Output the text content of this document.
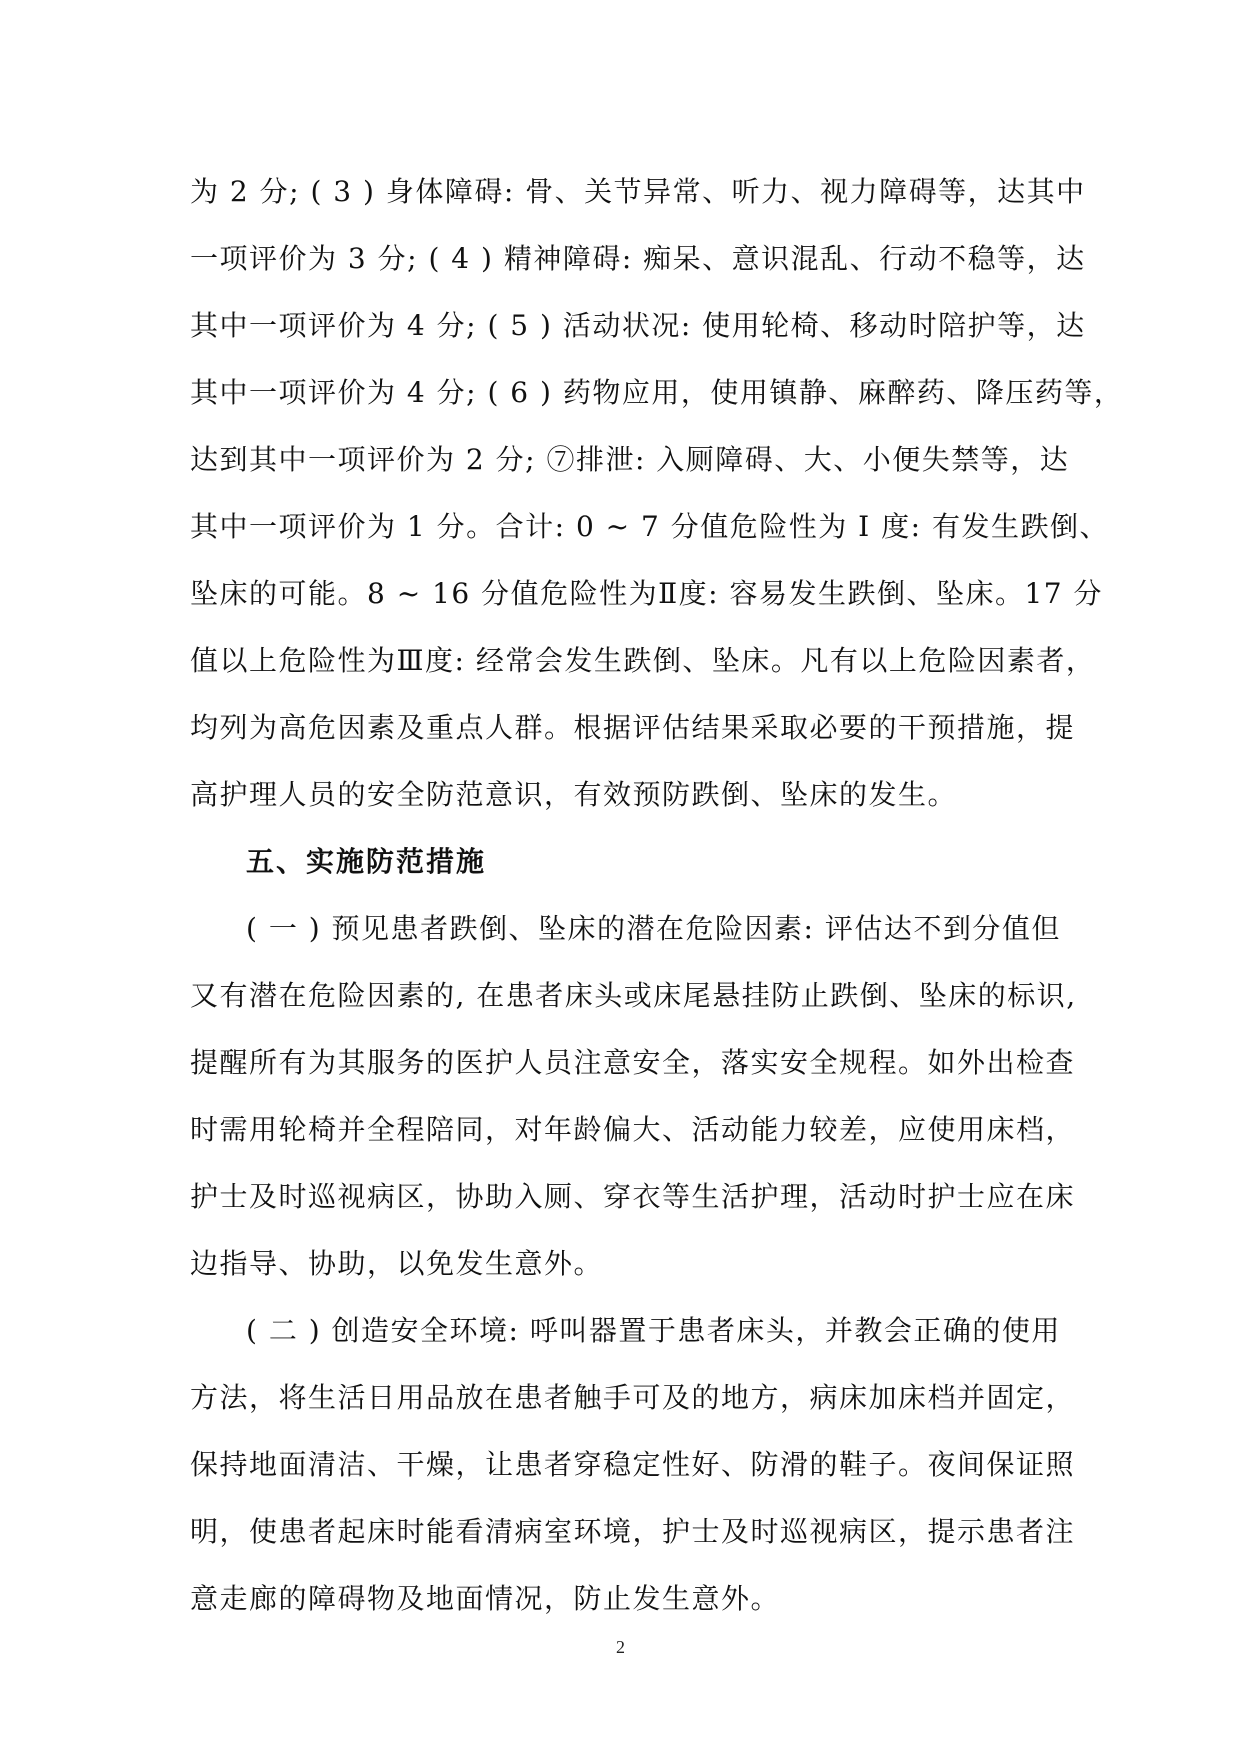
为 2 分; ( 3 ) 身体障碍: 骨、关节异常、听力、视力障碍等，达其中
一项评价为 3 分; ( 4 ) 精神障碍: 痴呆、意识混乱、行动不稳等，达
其中一项评价为 4 分; ( 5 ) 活动状况: 使用轮椅、移动时陪护等，达
其中一项评价为 4 分; ( 6 ) 药物应用，使用镇静、麻醉药、降压药等，
达到其中一项评价为 2 分; ⑦排泄: 入厕障碍、大、小便失禁等，达
其中一项评价为 1 分。合计: 0 ~ 7 分值危险性为 I 度: 有发生跌倒、
坠床的可能。8 ~ 16 分值危险性为Ⅱ度: 容易发生跌倒、坠床。17 分
值以上危险性为Ⅲ度: 经常会发生跌倒、坠床。凡有以上危险因素者，
均列为高危因素及重点人群。根据评估结果采取必要的干预措施，提
高护理人员的安全防范意识，有效预防跌倒、坠床的发生。
五、实施防范措施
( 一 ) 预见患者跌倒、坠床的潜在危险因素: 评估达不到分值但
又有潜在危险因素的, 在患者床头或床尾悬挂防止跌倒、坠床的标识,
提醒所有为其服务的医护人员注意安全，落实安全规程。如外出检查
时需用轮椅并全程陪同，对年龄偏大、活动能力较差，应使用床档，
护士及时巡视病区，协助入厕、穿衣等生活护理，活动时护士应在床
边指导、协助，以免发生意外。
( 二 ) 创造安全环境: 呼叫器置于患者床头，并教会正确的使用
方法，将生活日用品放在患者触手可及的地方，病床加床档并固定，
保持地面清洁、干燥，让患者穿稳定性好、防滑的鞋子。夜间保证照
明，使患者起床时能看清病室环境，护士及时巡视病区，提示患者注
意走廊的障碍物及地面情况，防止发生意外。
2
